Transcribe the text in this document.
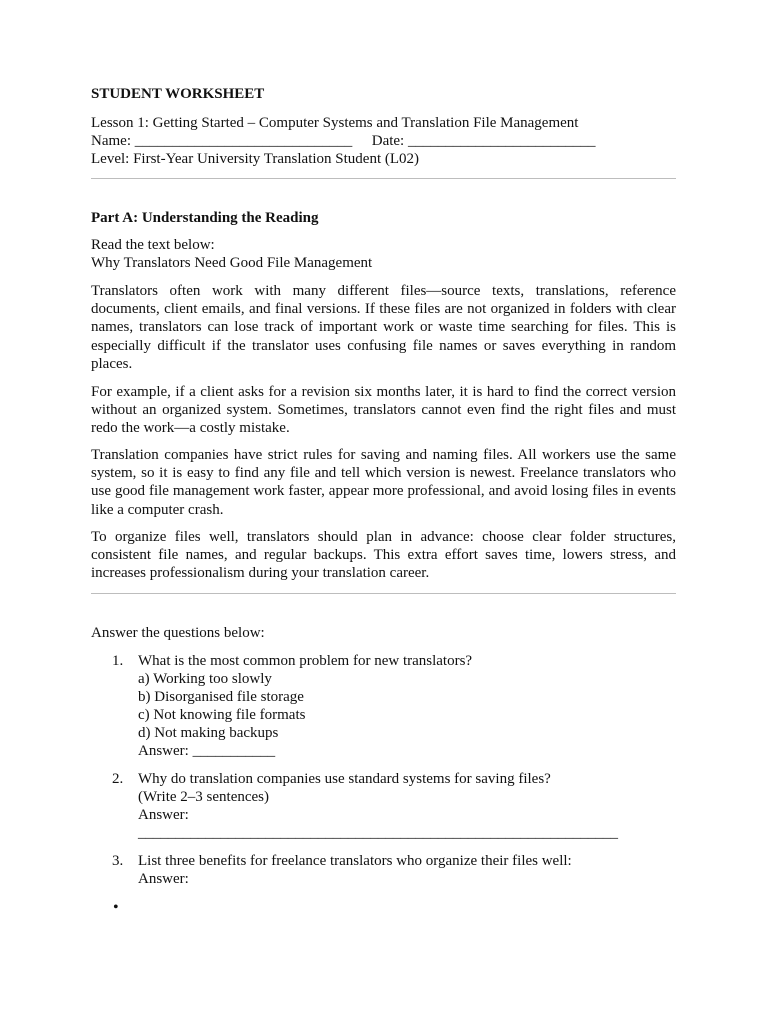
STUDENT WORKSHEET
Lesson 1: Getting Started – Computer Systems and Translation File Management
Name: _____________________________ Date: _________________________
Level: First-Year University Translation Student (L02)
Part A: Understanding the Reading
Read the text below:
Why Translators Need Good File Management
Translators often work with many different files—source texts, translations, reference documents, client emails, and final versions. If these files are not organized in folders with clear names, translators can lose track of important work or waste time searching for files. This is especially difficult if the translator uses confusing file names or saves everything in random places.
For example, if a client asks for a revision six months later, it is hard to find the correct version without an organized system. Sometimes, translators cannot even find the right files and must redo the work—a costly mistake.
Translation companies have strict rules for saving and naming files. All workers use the same system, so it is easy to find any file and tell which version is newest. Freelance translators who use good file management work faster, appear more professional, and avoid losing files in events like a computer crash.
To organize files well, translators should plan in advance: choose clear folder structures, consistent file names, and regular backups. This extra effort saves time, lowers stress, and increases professionalism during your translation career.
Answer the questions below:
1. What is the most common problem for new translators?
a) Working too slowly
b) Disorganised file storage
c) Not knowing file formats
d) Not making backups
Answer: ___________
2. Why do translation companies use standard systems for saving files?
(Write 2–3 sentences)
Answer:
________________________________________________________________
3. List three benefits for freelance translators who organize their files well:
Answer:
•
